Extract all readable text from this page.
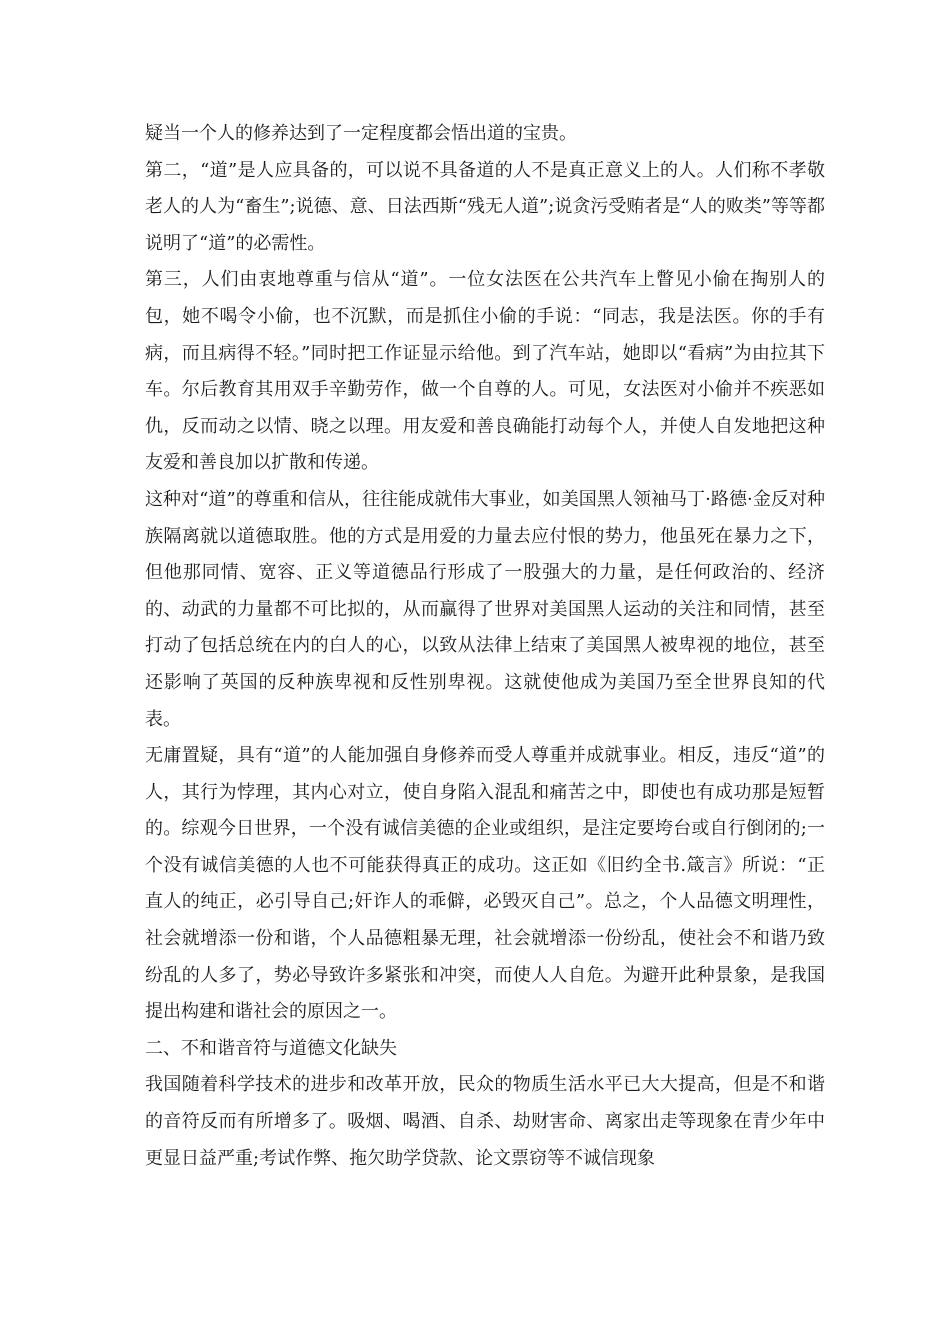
疑当一个人的修养达到了一定程度都会悟出道的宝贵。

第二，“道”是人应具备的，可以说不具备道的人不是真正意义上的人。人们称不孝敬老人的人为“畜生”;说德、意、日法西斯“残无人道”;说贪污受贿者是“人的败类”等等都说明了“道”的必需性。

第三，人们由衷地尊重与信从“道”。一位女法医在公共汽车上瞥见小偷在掏别人的包，她不喝令小偷，也不沉默，而是抓住小偷的手说：“同志，我是法医。你的手有病，而且病得不轻。”同时把工作证显示给他。到了汽车站，她即以“看病”为由拉其下车。尔后教育其用双手辛勤劳作，做一个自尊的人。可见，女法医对小偷并不疾恶如仇，反而动之以情、晓之以理。用友爱和善良确能打动每个人，并使人自发地把这种友爱和善良加以扩散和传递。

这种对“道”的尊重和信从，往往能成就伟大事业，如美国黑人领袖马丁·路德·金反对种族隔离就以道德取胜。他的方式是用爱的力量去应付恨的势力，他虽死在暴力之下，但他那同情、宽容、正义等道德品行形成了一股强大的力量，是任何政治的、经济的、动武的力量都不可比拟的，从而赢得了世界对美国黑人运动的关注和同情，甚至打动了包括总统在内的白人的心，以致从法律上结束了美国黑人被卑视的地位，甚至还影响了英国的反种族卑视和反性别卑视。这就使他成为美国乃至全世界良知的代表。

无庸置疑，具有“道”的人能加强自身修养而受人尊重并成就事业。相反，违反“道”的人，其行为悖理，其内心对立，使自身陷入混乱和痛苦之中，即使也有成功那是短暂的。综观今日世界，一个没有诚信美德的企业或组织，是注定要垮台或自行倒闭的;一个没有诚信美德的人也不可能获得真正的成功。这正如《旧约全书.箴言》所说：“正直人的纯正，必引导自己;奸诈人的乖僻，必毁灭自己”。总之，个人品德文明理性，社会就增添一份和谐，个人品德粗暴无理，社会就增添一份纷乱，使社会不和谐乃致纷乱的人多了，势必导致许多紧张和冲突，而使人人自危。为避开此种景象，是我国提出构建和谐社会的原因之一。

二、不和谐音符与道德文化缺失

我国随着科学技术的进步和改革开放，民众的物质生活水平已大大提高，但是不和谐的音符反而有所增多了。吸烟、喝酒、自杀、劫财害命、离家出走等现象在青少年中更显日益严重;考试作弊、拖欠助学贷款、论文票窃等不诚信现象
